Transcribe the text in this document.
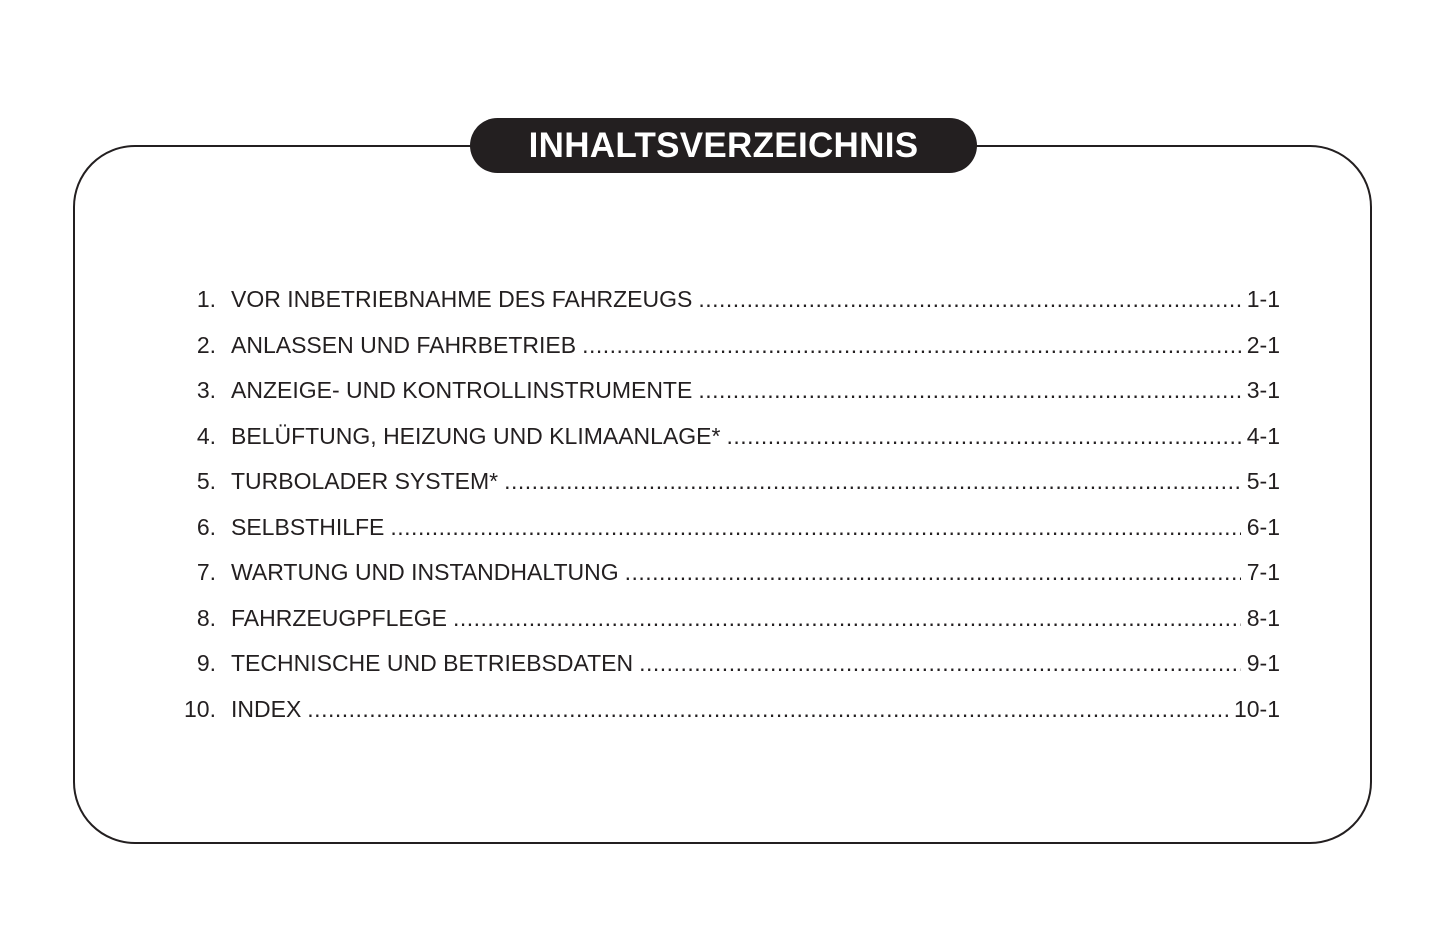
INHALTSVERZEICHNIS
1. VOR INBETRIEBNAHME DES FAHRZEUGS .....	1-1
2. ANLASSEN UND FAHRBETRIEB .....	2-1
3. ANZEIGE- UND KONTROLLINSTRUMENTE .....	3-1
4. BELÜFTUNG, HEIZUNG UND KLIMAANLAGE* .....	4-1
5. TURBOLADER SYSTEM* .....	5-1
6. SELBSTHILFE .....	6-1
7. WARTUNG UND INSTANDHALTUNG .....	7-1
8. FAHRZEUGPFLEGE .....	8-1
9. TECHNISCHE UND BETRIEBSDATEN .....	9-1
10. INDEX .....	10-1
